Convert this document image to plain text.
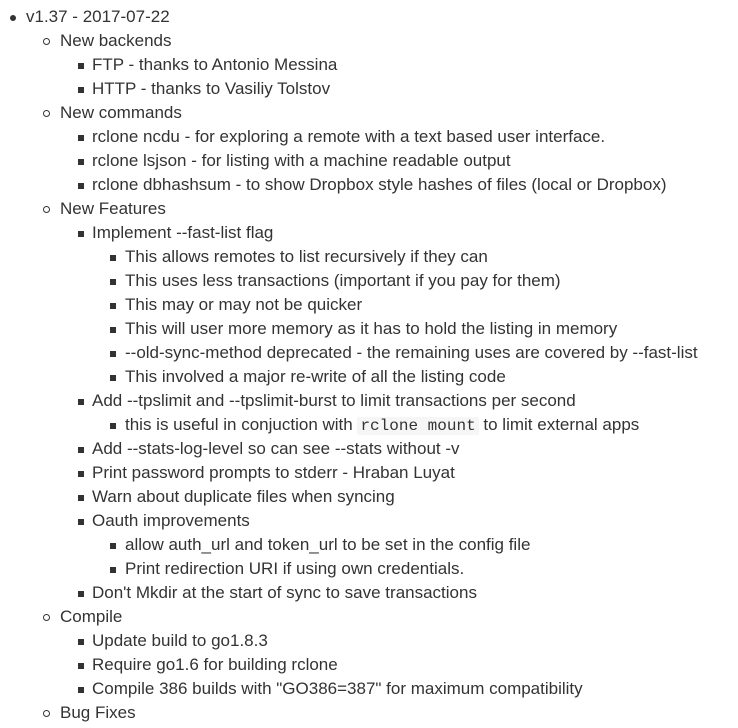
v1.37 - 2017-07-22
New backends
FTP - thanks to Antonio Messina
HTTP - thanks to Vasiliy Tolstov
New commands
rclone ncdu - for exploring a remote with a text based user interface.
rclone lsjson - for listing with a machine readable output
rclone dbhashsum - to show Dropbox style hashes of files (local or Dropbox)
New Features
Implement --fast-list flag
This allows remotes to list recursively if they can
This uses less transactions (important if you pay for them)
This may or may not be quicker
This will user more memory as it has to hold the listing in memory
--old-sync-method deprecated - the remaining uses are covered by --fast-list
This involved a major re-write of all the listing code
Add --tpslimit and --tpslimit-burst to limit transactions per second
this is useful in conjuction with rclone mount to limit external apps
Add --stats-log-level so can see --stats without -v
Print password prompts to stderr - Hraban Luyat
Warn about duplicate files when syncing
Oauth improvements
allow auth_url and token_url to be set in the config file
Print redirection URI if using own credentials.
Don't Mkdir at the start of sync to save transactions
Compile
Update build to go1.8.3
Require go1.6 for building rclone
Compile 386 builds with "GO386=387" for maximum compatibility
Bug Fixes
